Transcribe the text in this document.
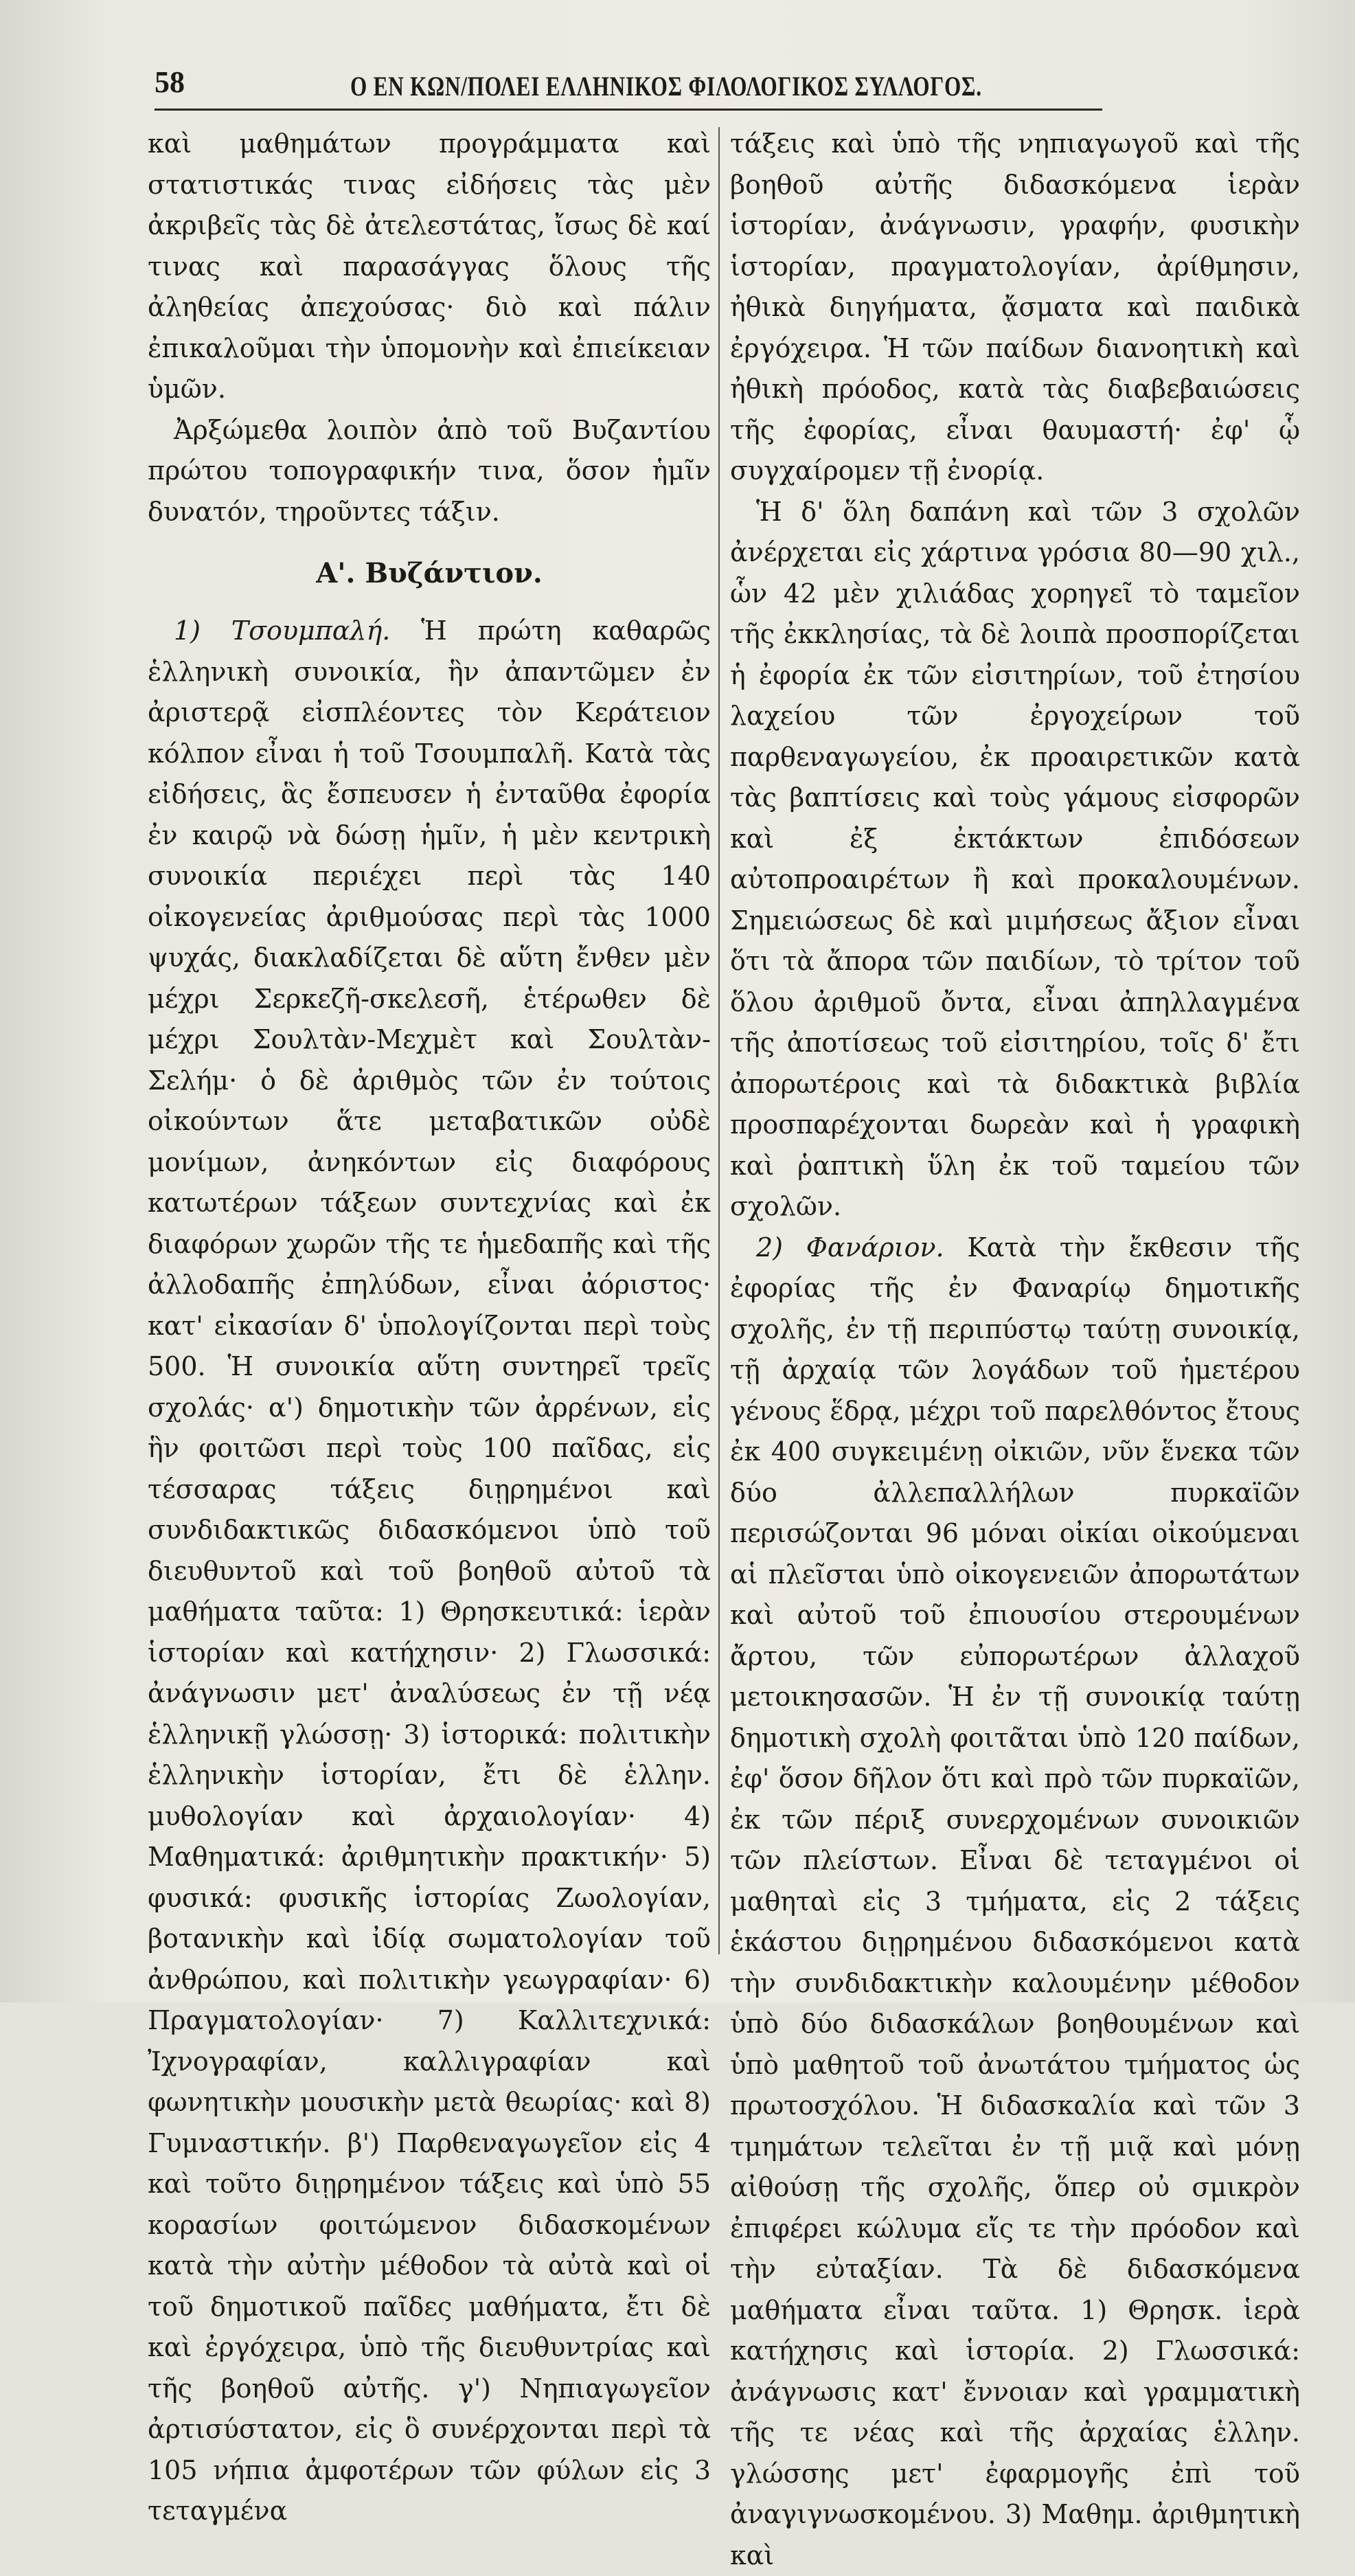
58	Ο ΕΝ ΚΩΝ/ΠΟΛΕΙ ΕΛΛΗΝΙΚΟΣ ΦΙΛΟΛΟΓΙΚΟΣ ΣΥΛΛΟΓΟΣ.

καὶ μαθημάτων προγράμματα καὶ στατιστικάς τινας εἰδήσεις τὰς μὲν ἀκριβεῖς τὰς δὲ ἀτελεστάτας, ἴσως δὲ καί τινας καὶ παρασάγγας ὅλους τῆς ἀληθείας ἀπεχούσας· διὸ καὶ πάλιν ἐπικαλοῦμαι τὴν ὑπομονὴν καὶ ἐπιείκειαν ὑμῶν.

Ἀρξώμεθα λοιπὸν ἀπὸ τοῦ Βυζαντίου πρώτου τοπογραφικήν τινα, ὅσον ἡμῖν δυνατόν, τηροῦντες τάξιν.

Α'. Βυζάντιον.

1) Τσουμπαλή. Ἡ πρώτη καθαρῶς ἑλληνικὴ συνοικία, ἣν ἀπαντῶμεν ἐν ἀριστερᾷ εἰσπλέοντες τὸν Κεράτειον κόλπον εἶναι ἡ τοῦ Τσουμπαλῆ. Κατὰ τὰς εἰδήσεις, ἃς ἔσπευσεν ἡ ἐνταῦθα ἐφορία ἐν καιρῷ νὰ δώσῃ ἡμῖν, ἡ μὲν κεντρικὴ συνοικία περιέχει περὶ τὰς 140 οἰκογενείας ἀριθμούσας περὶ τὰς 1000 ψυχάς, διακλαδίζεται δὲ αὕτη ἔνθεν μὲν μέχρι Σερκεζῆ-σκελεσῆ, ἑτέρωθεν δὲ μέχρι Σουλτὰν-Μεχμὲτ καὶ Σουλτὰν-Σελήμ· ὁ δὲ ἀριθμὸς τῶν ἐν τούτοις οἰκούντων ἅτε μεταβατικῶν οὐδὲ μονίμων, ἀνηκόντων εἰς διαφόρους κατωτέρων τάξεων συντεχνίας καὶ ἐκ διαφόρων χωρῶν τῆς τε ἡμεδαπῆς καὶ τῆς ἀλλοδαπῆς ἐπηλύδων, εἶναι ἀόριστος· κατ' εἰκασίαν δ' ὑπολογίζονται περὶ τοὺς 500. Ἡ συνοικία αὕτη συντηρεῖ τρεῖς σχολάς· α') δημοτικὴν τῶν ἀρρένων, εἰς ἣν φοιτῶσι περὶ τοὺς 100 παῖδας, εἰς τέσσαρας τάξεις διῃρημένοι καὶ συνδιδακτικῶς διδασκόμενοι ὑπὸ τοῦ διευθυντοῦ καὶ τοῦ βοηθοῦ αὐτοῦ τὰ μαθήματα ταῦτα: 1) Θρησκευτικά: ἱερὰν ἱστορίαν καὶ κατήχησιν· 2) Γλωσσικά: ἀνάγνωσιν μετ' ἀναλύσεως ἐν τῇ νέᾳ ἑλληνικῇ γλώσσῃ· 3) ἱστορικά: πολιτικὴν ἑλληνικὴν ἱστορίαν, ἔτι δὲ ἑλλην. μυθολογίαν καὶ ἀρχαιολογίαν· 4) Μαθηματικά: ἀριθμητικὴν πρακτικήν· 5) φυσικά: φυσικῆς ἱστορίας Ζωολογίαν, βοτανικὴν καὶ ἰδίᾳ σωματολογίαν τοῦ ἀνθρώπου, καὶ πολιτικὴν γεωγραφίαν· 6) Πραγματολογίαν· 7) Καλλιτεχνικά: Ἰχνογραφίαν, καλλιγραφίαν καὶ φωνητικὴν μουσικὴν μετὰ θεωρίας· καὶ 8) Γυμναστικήν. β') Παρθεναγωγεῖον εἰς 4 καὶ τοῦτο διῃρημένον τάξεις καὶ ὑπὸ 55 κορασίων φοιτώμενον διδασκομένων κατὰ τὴν αὐτὴν μέθοδον τὰ αὐτὰ καὶ οἱ τοῦ δημοτικοῦ παῖδες μαθήματα, ἔτι δὲ καὶ ἐργόχειρα, ὑπὸ τῆς διευθυντρίας καὶ τῆς βοηθοῦ αὐτῆς. γ') Νηπιαγωγεῖον ἀρτισύστατον, εἰς ὃ συνέρχονται περὶ τὰ 105 νήπια ἀμφοτέρων τῶν φύλων εἰς 3 τεταγμένα

τάξεις καὶ ὑπὸ τῆς νηπιαγωγοῦ καὶ τῆς βοηθοῦ αὐτῆς διδασκόμενα ἱερὰν ἱστορίαν, ἀνάγνωσιν, γραφήν, φυσικὴν ἱστορίαν, πραγματολογίαν, ἀρίθμησιν, ἠθικὰ διηγήματα, ᾄσματα καὶ παιδικὰ ἐργόχειρα. Ἡ τῶν παίδων διανοητικὴ καὶ ἠθικὴ πρόοδος, κατὰ τὰς διαβεβαιώσεις τῆς ἐφορίας, εἶναι θαυμαστή· ἐφ' ᾧ συγχαίρομεν τῇ ἐνορίᾳ.

Ἡ δ' ὅλη δαπάνη καὶ τῶν 3 σχολῶν ἀνέρχεται εἰς χάρτινα γρόσια 80—90 χιλ., ὧν 42 μὲν χιλιάδας χορηγεῖ τὸ ταμεῖον τῆς ἐκκλησίας, τὰ δὲ λοιπὰ προσπορίζεται ἡ ἐφορία ἐκ τῶν εἰσιτηρίων, τοῦ ἐτησίου λαχείου τῶν ἐργοχείρων τοῦ παρθεναγωγείου, ἐκ προαιρετικῶν κατὰ τὰς βαπτίσεις καὶ τοὺς γάμους εἰσφορῶν καὶ ἐξ ἐκτάκτων ἐπιδόσεων αὐτοπροαιρέτων ἢ καὶ προκαλουμένων. Σημειώσεως δὲ καὶ μιμήσεως ἄξιον εἶναι ὅτι τὰ ἄπορα τῶν παιδίων, τὸ τρίτον τοῦ ὅλου ἀριθμοῦ ὄντα, εἶναι ἀπηλλαγμένα τῆς ἀποτίσεως τοῦ εἰσιτηρίου, τοῖς δ' ἔτι ἀπορωτέροις καὶ τὰ διδακτικὰ βιβλία προσπαρέχονται δωρεὰν καὶ ἡ γραφικὴ καὶ ῥαπτικὴ ὕλη ἐκ τοῦ ταμείου τῶν σχολῶν.

2) Φανάριον. Κατὰ τὴν ἔκθεσιν τῆς ἐφορίας τῆς ἐν Φαναρίῳ δημοτικῆς σχολῆς, ἐν τῇ περιπύστῳ ταύτῃ συνοικίᾳ, τῇ ἀρχαίᾳ τῶν λογάδων τοῦ ἡμετέρου γένους ἕδρᾳ, μέχρι τοῦ παρελθόντος ἔτους ἐκ 400 συγκειμένῃ οἰκιῶν, νῦν ἕνεκα τῶν δύο ἀλλεπαλλήλων πυρκαϊῶν περισώζονται 96 μόναι οἰκίαι οἰκούμεναι αἱ πλεῖσται ὑπὸ οἰκογενειῶν ἀπορωτάτων καὶ αὐτοῦ τοῦ ἐπιουσίου στερουμένων ἄρτου, τῶν εὐπορωτέρων ἀλλαχοῦ μετοικησασῶν. Ἡ ἐν τῇ συνοικίᾳ ταύτῃ δημοτικὴ σχολὴ φοιτᾶται ὑπὸ 120 παίδων, ἐφ' ὅσον δῆλον ὅτι καὶ πρὸ τῶν πυρκαϊῶν, ἐκ τῶν πέριξ συνερχομένων συνοικιῶν τῶν πλείστων. Εἶναι δὲ τεταγμένοι οἱ μαθηταὶ εἰς 3 τμήματα, εἰς 2 τάξεις ἑκάστου διῃρημένου διδασκόμενοι κατὰ τὴν συνδιδακτικὴν καλουμένην μέθοδον ὑπὸ δύο διδασκάλων βοηθουμένων καὶ ὑπὸ μαθητοῦ τοῦ ἀνωτάτου τμήματος ὡς πρωτοσχόλου. Ἡ διδασκαλία καὶ τῶν 3 τμημάτων τελεῖται ἐν τῇ μιᾷ καὶ μόνῃ αἰθούσῃ τῆς σχολῆς, ὅπερ οὐ σμικρὸν ἐπιφέρει κώλυμα εἴς τε τὴν πρόοδον καὶ τὴν εὐταξίαν. Τὰ δὲ διδασκόμενα μαθήματα εἶναι ταῦτα. 1) Θρησκ. ἱερὰ κατήχησις καὶ ἱστορία. 2) Γλωσσικά: ἀνάγνωσις κατ' ἔννοιαν καὶ γραμματικὴ τῆς τε νέας καὶ τῆς ἀρχαίας ἑλλην. γλώσσης μετ' ἐφαρμογῆς ἐπὶ τοῦ ἀναγιγνωσκομένου. 3) Μαθημ. ἀριθμητικὴ καὶ
